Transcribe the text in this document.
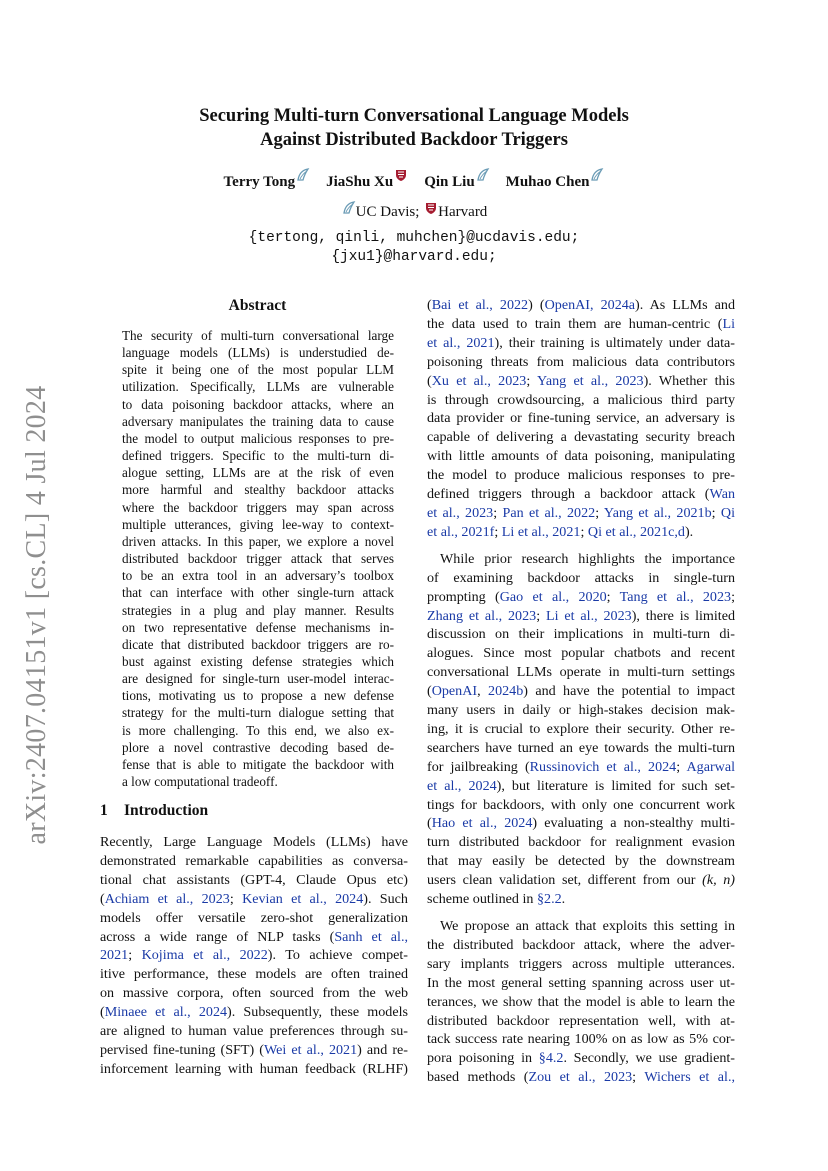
arXiv:2407.04151v1 [cs.CL] 4 Jul 2024
Securing Multi-turn Conversational Language Models
Against Distributed Backdoor Triggers
Terry Tong JiaShu Xu Qin Liu Muhao Chen
UC Davis; Harvard
{tertong, qinli, muhchen}@ucdavis.edu;
{jxu1}@harvard.edu;
Abstract
The security of multi-turn conversational large
language models (LLMs) is understudied de-
spite it being one of the most popular LLM
utilization. Specifically, LLMs are vulnerable
to data poisoning backdoor attacks, where an
adversary manipulates the training data to cause
the model to output malicious responses to pre-
defined triggers. Specific to the multi-turn di-
alogue setting, LLMs are at the risk of even
more harmful and stealthy backdoor attacks
where the backdoor triggers may span across
multiple utterances, giving lee-way to context-
driven attacks. In this paper, we explore a novel
distributed backdoor trigger attack that serves
to be an extra tool in an adversary’s toolbox
that can interface with other single-turn attack
strategies in a plug and play manner. Results
on two representative defense mechanisms in-
dicate that distributed backdoor triggers are ro-
bust against existing defense strategies which
are designed for single-turn user-model interac-
tions, motivating us to propose a new defense
strategy for the multi-turn dialogue setting that
is more challenging. To this end, we also ex-
plore a novel contrastive decoding based de-
fense that is able to mitigate the backdoor with
a low computational tradeoff.
1 Introduction
Recently, Large Language Models (LLMs) have
demonstrated remarkable capabilities as conversa-
tional chat assistants (GPT-4, Claude Opus etc)
(Achiam et al., 2023; Kevian et al., 2024). Such
models offer versatile zero-shot generalization
across a wide range of NLP tasks (Sanh et al.,
2021; Kojima et al., 2022). To achieve compet-
itive performance, these models are often trained
on massive corpora, often sourced from the web
(Minaee et al., 2024). Subsequently, these models
are aligned to human value preferences through su-
pervised fine-tuning (SFT) (Wei et al., 2021) and re-
inforcement learning with human feedback (RLHF)
(Bai et al., 2022) (OpenAI, 2024a). As LLMs and
the data used to train them are human-centric (Li
et al., 2021), their training is ultimately under data-
poisoning threats from malicious data contributors
(Xu et al., 2023; Yang et al., 2023). Whether this
is through crowdsourcing, a malicious third party
data provider or fine-tuning service, an adversary is
capable of delivering a devastating security breach
with little amounts of data poisoning, manipulating
the model to produce malicious responses to pre-
defined triggers through a backdoor attack (Wan
et al., 2023; Pan et al., 2022; Yang et al., 2021b; Qi
et al., 2021f; Li et al., 2021; Qi et al., 2021c,d).
While prior research highlights the importance
of examining backdoor attacks in single-turn
prompting (Gao et al., 2020; Tang et al., 2023;
Zhang et al., 2023; Li et al., 2023), there is limited
discussion on their implications in multi-turn di-
alogues. Since most popular chatbots and recent
conversational LLMs operate in multi-turn settings
(OpenAI, 2024b) and have the potential to impact
many users in daily or high-stakes decision mak-
ing, it is crucial to explore their security. Other re-
searchers have turned an eye towards the multi-turn
for jailbreaking (Russinovich et al., 2024; Agarwal
et al., 2024), but literature is limited for such set-
tings for backdoors, with only one concurrent work
(Hao et al., 2024) evaluating a non-stealthy multi-
turn distributed backdoor for realignment evasion
that may easily be detected by the downstream
users clean validation set, different from our (k, n)
scheme outlined in §2.2.
We propose an attack that exploits this setting in
the distributed backdoor attack, where the adver-
sary implants triggers across multiple utterances.
In the most general setting spanning across user ut-
terances, we show that the model is able to learn the
distributed backdoor representation well, with at-
tack success rate nearing 100% on as low as 5% cor-
pora poisoning in §4.2. Secondly, we use gradient-
based methods (Zou et al., 2023; Wichers et al.,
